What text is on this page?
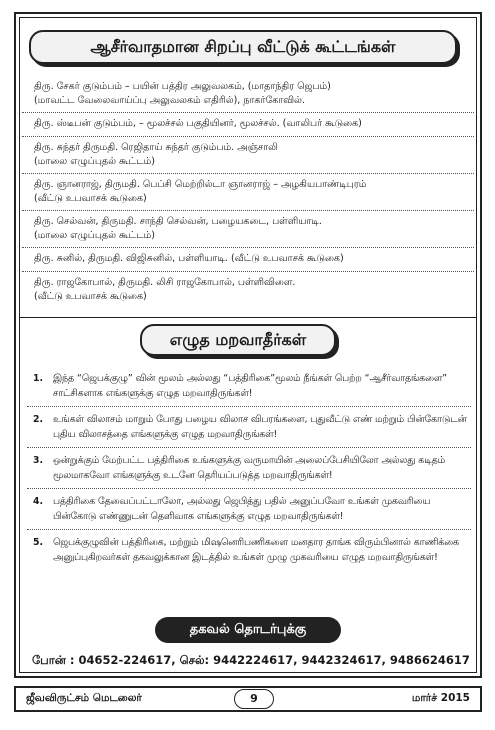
ஆசீர்வாதமான சிறப்பு வீட்டுக் கூட்டங்கள்
திரு. சேகர் குடும்பம் – பயின் பத்திர அலுவலகம், (மாதாந்திர ஜெபம்)
(மாவட்ட வேலைவாய்ப்பு அலுவலகம் எதிரில்), நாகர்கோவில்.
திரு. ஸ்டீபன் குடும்பம், – மூலச்சல் பகுதியினர், மூலச்சல். (வாலிபர் கூடுகை)
திரு. சுந்தர் திருமதி. ரெஜிதாய் சுந்தர் குடும்பம். அஞ்சாலி
(மாலை எழுப்புதல் கூட்டம்)
திரு. ஞானராஜ், திருமதி. பெப்சி மெற்றில்டா ஞானராஜ் – அழகியபாண்டிபுரம்
(வீட்டு உபவாசக் கூடுகை)
திரு. செல்வன், திருமதி. சாந்தி செல்வன், பழையகடை, பள்ளியாடி.
(மாலை எழுப்புதல் கூட்டம்)
திரு. சுனில், திருமதி. விஜிசுனில், பள்ளியாடி. (வீட்டு உபவாசக் கூடுகை)
திரு. ராஜகோபால், திருமதி. லிசி ராஜகோபால், பள்ளிவிளை.
(வீட்டு உபவாசக் கூடுகை)
எழுத மறவாதீர்கள்
1. இந்த “ஜெபக்குழு” வின் மூலம் அல்லது “பத்திரிகை”மூலம் நீங்கள் பெற்ற “ஆசீர்வாதங்களை” சாட்சிகளாக எங்களுக்கு எழுத மறவாதிருங்கள்!
2. உங்கள் விலாசம் மாறும் போது பழைய விலாச விபரங்களை, புதுவீட்டு எண் மற்றும் பின்கோடுடன் புதிய விலாசத்தை எங்களுக்கு எழுத மறவாதிருங்கள்!
3. ஒன்றுக்கும் மேற்பட்ட பத்திரிகை உங்களுக்கு வருமாயின் அலைப்பேசியிலோ அல்லது கடிதம் மூலமாகவோ எங்களுக்கு உடனே தெரியப்படுத்த மறவாதிருங்கள்!
4. பத்திரிகை தேவைப்பட்டாலோ, அல்லது ஜெபித்து பதில் அனுப்பவோ உங்கள் முகவரியை பின்கோடு எண்ணுடன் தெளிவாக எங்களுக்கு எழுத மறவாதிருங்கள்!
5. ஜெபக்குழுவின் பத்திரிகை, மற்றும் மிஷனெரிபணிகளை மனதார தாங்க விரும்பினால் காணிக்கை அனுப்புகிறவர்கள் தகவலுக்கான இடத்தில் உங்கள் முழு முகவரியை எழுத மறவாதிருங்கள்!
தகவல் தொடர்புக்கு
போன் : 04652-224617, செல்: 9442224617, 9442324617, 9486624617
ஜீவவிருட்சம் மெடலைர்	9	மார்ச் 2015
